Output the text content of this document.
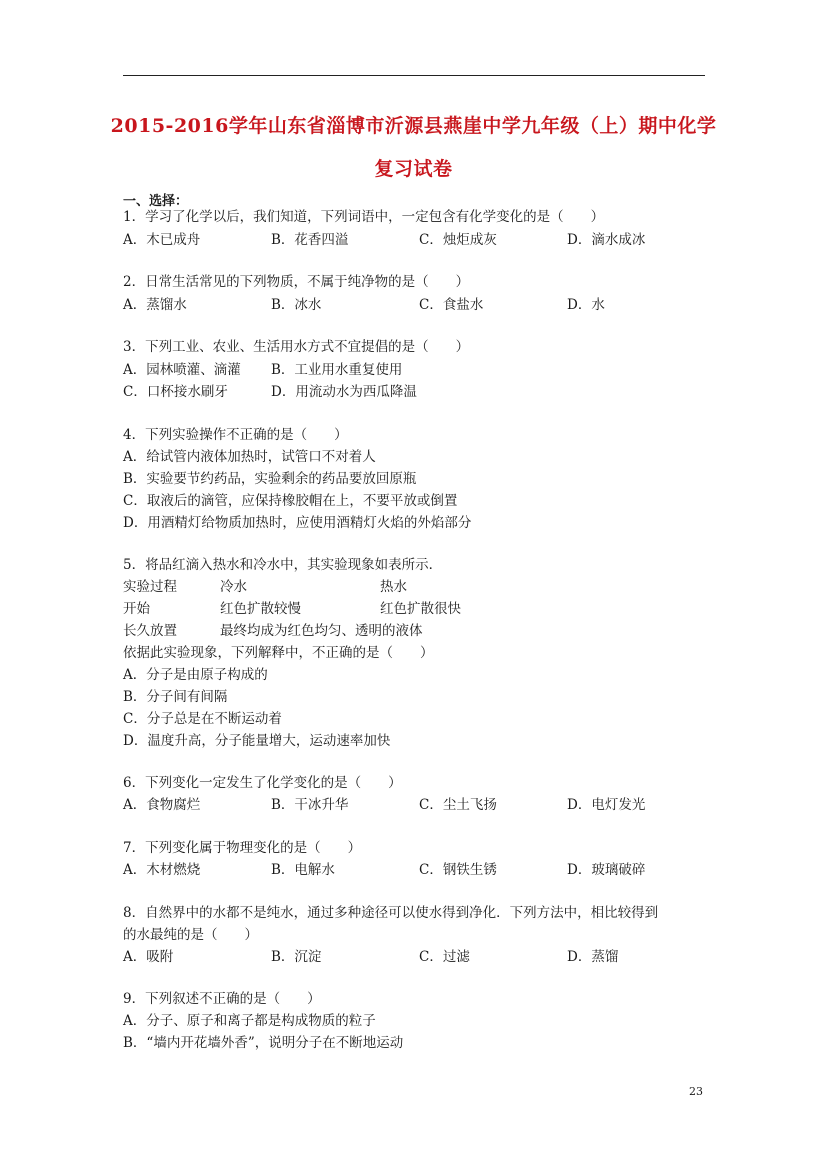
2015-2016学年山东省淄博市沂源县燕崖中学九年级（上）期中化学
复习试卷
一、选择：
1．学习了化学以后，我们知道，下列词语中，一定包含有化学变化的是（　　）
A．木已成舟	B．花香四溢	C．烛炬成灰	D．滴水成冰
2．日常生活常见的下列物质，不属于纯净物的是（　　）
A．蒸馏水	B．冰水	C．食盐水	D．水
3．下列工业、农业、生活用水方式不宜提倡的是（　　）
A．园林喷灌、滴灌 B．工业用水重复使用
C．口杯接水刷牙	D．用流动水为西瓜降温
4．下列实验操作不正确的是（　　）
A．给试管内液体加热时，试管口不对着人
B．实验要节约药品，实验剩余的药品要放回原瓶
C．取液后的滴管，应保持橡胶帽在上，不要平放或倒置
D．用酒精灯给物质加热时，应使用酒精灯火焰的外焰部分
5．将品红滴入热水和冷水中，其实验现象如表所示．
实验过程	冷水	热水
开始	红色扩散较慢	红色扩散很快
长久放置	最终均成为红色均匀、透明的液体
依据此实验现象，下列解释中，不正确的是（　　）
A．分子是由原子构成的
B．分子间有间隔
C．分子总是在不断运动着
D．温度升高，分子能量增大，运动速率加快
6．下列变化一定发生了化学变化的是（　　）
A．食物腐烂	B．干冰升华	C．尘土飞扬	D．电灯发光
7．下列变化属于物理变化的是（　　）
A．木材燃烧	B．电解水	C．钢铁生锈	D．玻璃破碎
8．自然界中的水都不是纯水，通过多种途径可以使水得到净化．下列方法中，相比较得到
的水最纯的是（　　）
A．吸附	B．沉淀	C．过滤	D．蒸馏
9．下列叙述不正确的是（　　）
A．分子、原子和离子都是构成物质的粒子
B．“墙内开花墙外香”，说明分子在不断地运动
23
